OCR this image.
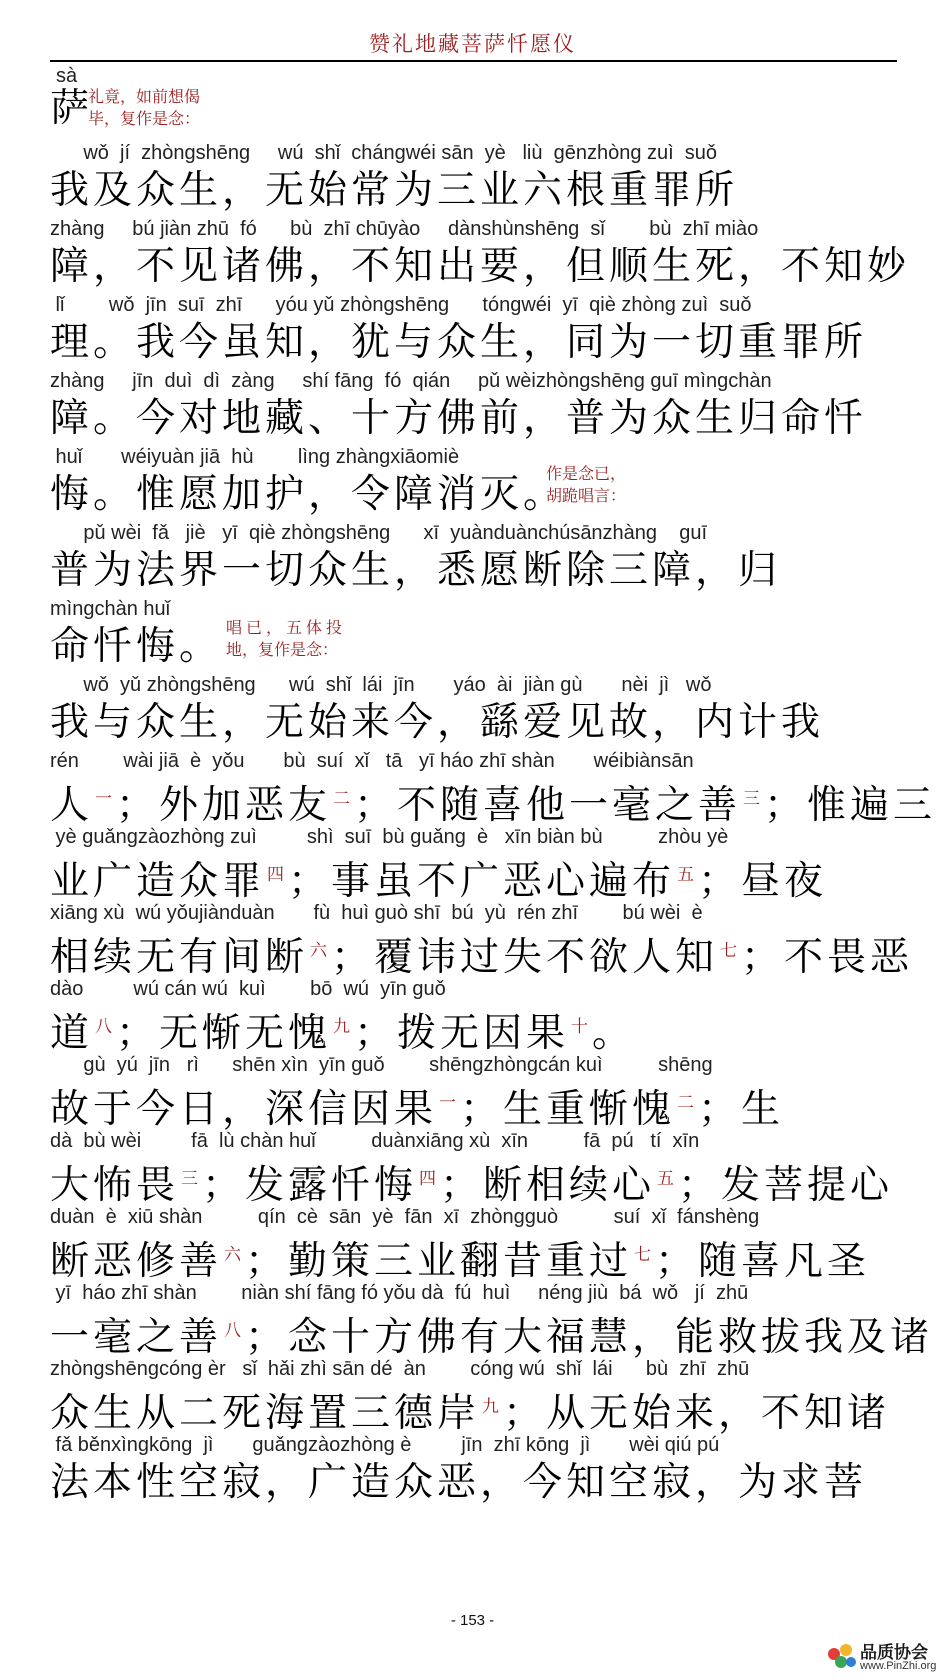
赞礼地藏菩萨忏愿仪
sà
萨
礼竟，如前想偈
毕，复作是念：
wǒ  jí  zhòngshēng     wú  shǐ  chángwéi sān  yè   liù  gēnzhòng zuì  suǒ
我及众生，无始常为三业六根重罪所
zhàng     bú jiàn zhū  fó      bù  zhī chūyào     dànshùnshēng  sǐ        bù  zhī miào
障，不见诸佛，不知出要，但顺生死，不知妙
lǐ        wǒ  jīn  suī  zhī      yóu yǔ zhòngshēng      tóngwéi  yī  qiè zhòng zuì  suǒ
理。我今虽知，犹与众生，同为一切重罪所
zhàng     jīn  duì  dì  zàng     shí fāng  fó  qián     pǔ wèizhòngshēng guī mìngchàn
障。今对地藏、十方佛前，普为众生归命忏
huǐ       wéiyuàn jiā  hù        lìng zhàngxiāomiè
悔。惟愿加护，令障消灭。
作是念已，
胡跪唱言：
pǔ wèi  fǎ   jiè   yī  qiè zhòngshēng      xī  yuànduànchúsānzhàng    guī
普为法界一切众生，悉愿断除三障，归
mìngchàn huǐ
命忏悔。 唱已，五体投
地，复作是念：
wǒ  yǔ zhòngshēng      wú  shǐ  lái  jīn       yáo  ài  jiàn gù       nèi  jì   wǒ
我与众生，无始来今，繇爱见故，内计我
rén        wài jiā  è  yǒu       bù  suí  xǐ   tā   yī háo zhī shàn       wéibiànsān
人 $^一$；外加恶友 $^二$；不随喜他一毫之善 $^三$；惟遍三
yè guǎngzàozhòng zuì         shì  suī  bù guǎng  è   xīn biàn bù          zhòu yè
业广造众罪 $^四$；事虽不广恶心遍布 $^五$；昼夜
xiāng xù  wú yǒujiànduàn       fù  huì guò shī  bú  yù  rén zhī        bú wèi  è
相续无有间断 $^六$；覆讳过失不欲人知 $^七$；不畏恶
dào         wú cán wú  kuì        bō  wú  yīn guǒ
道 $^八$；无惭无愧 $^九$；拨无因果 $^十$。
gù  yú  jīn   rì      shēn xìn  yīn guǒ        shēngzhòngcán kuì          shēng
故于今日，深信因果 $^一$；生重惭愧 $^二$；生
dà  bù wèi         fā  lù chàn huǐ          duànxiāng xù  xīn          fā  pú   tí  xīn
大怖畏 $^三$；发露忏悔 $^四$；断相续心 $^五$；发菩提心
duàn  è  xiū shàn          qín  cè  sān  yè  fān  xī  zhòngguò          suí  xǐ  fánshèng
断恶修善 $^六$；勤策三业翻昔重过 $^七$；随喜凡圣
yī  háo zhī shàn        niàn shí fāng fó yǒu dà  fú  huì     néng jiù  bá  wǒ   jí  zhū
一毫之善 $^八$；念十方佛有大福慧，能救拔我及诸
zhòngshēngcóng èr   sǐ  hǎi zhì sān dé  àn        cóng wú  shǐ  lái      bù  zhī  zhū
众生从二死海置三德岸 $^九$；从无始来，不知诸
fǎ běnxìngkōng  jì       guǎngzàozhòng è         jīn  zhī kōng  jì       wèi qiú pú
法本性空寂，广造众恶，今知空寂，为求菩
- 153 -
品质协会
www.PinZhi.org
